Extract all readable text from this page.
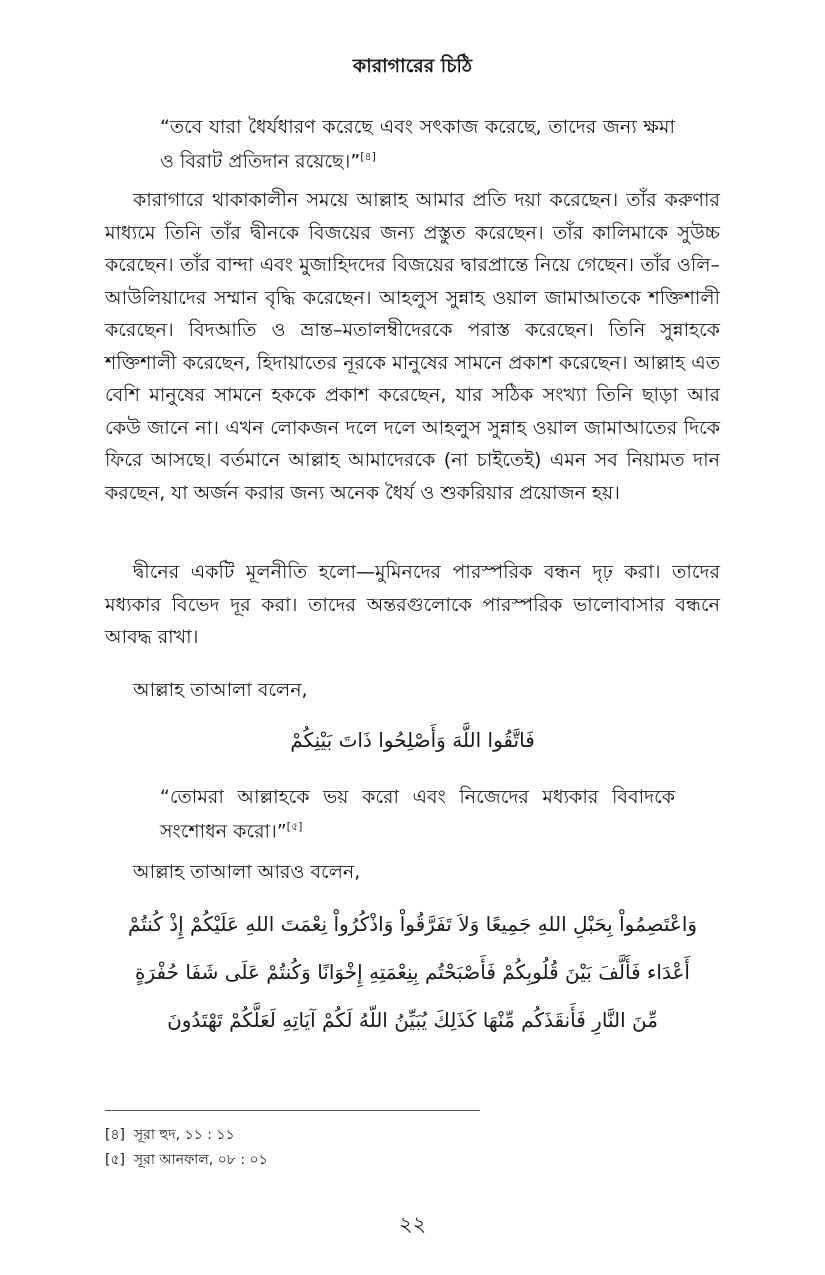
কারাগারের চিঠি

“তবে যারা ধৈর্যধারণ করেছে এবং সৎকাজ করেছে, তাদের জন্য ক্ষমা ও বিরাট প্রতিদান রয়েছে।”[৪]

কারাগারে থাকাকালীন সময়ে আল্লাহ আমার প্রতি দয়া করেছেন। তাঁর করুণার মাধ্যমে তিনি তাঁর দ্বীনকে বিজয়ের জন্য প্রস্তুত করেছেন। তাঁর কালিমাকে সুউচ্চ করেছেন। তাঁর বান্দা এবং মুজাহিদদের বিজয়ের দ্বারপ্রান্তে নিয়ে গেছেন। তাঁর ওলি–আউলিয়াদের সম্মান বৃদ্ধি করেছেন। আহলুস সুন্নাহ ওয়াল জামাআতকে শক্তিশালী করেছেন। বিদআতি ও ভ্রান্ত–মতালম্বীদেরকে পরাস্ত করেছেন। তিনি সুন্নাহকে শক্তিশালী করেছেন, হিদায়াতের নূরকে মানুষের সামনে প্রকাশ করেছেন। আল্লাহ এত বেশি মানুষের সামনে হককে প্রকাশ করেছেন, যার সঠিক সংখ্যা তিনি ছাড়া আর কেউ জানে না। এখন লোকজন দলে দলে আহলুস সুন্নাহ ওয়াল জামাআতের দিকে ফিরে আসছে। বর্তমানে আল্লাহ আমাদেরকে (না চাইতেই) এমন সব নিয়ামত দান করছেন, যা অর্জন করার জন্য অনেক ধৈর্য ও শুকরিয়ার প্রয়োজন হয়।

দ্বীনের একটি মূলনীতি হলো—মুমিনদের পারস্পরিক বন্ধন দৃঢ় করা। তাদের মধ্যকার বিভেদ দূর করা। তাদের অন্তরগুলোকে পারস্পরিক ভালোবাসার বন্ধনে আবদ্ধ রাখা।

আল্লাহ তাআলা বলেন,

فَاتَّقُوا اللَّهَ وَأَصْلِحُوا ذَاتَ بَيْنِكُمْ

“তোমরা আল্লাহকে ভয় করো এবং নিজেদের মধ্যকার বিবাদকে সংশোধন করো।”[৫]

আল্লাহ তাআলা আরও বলেন,

وَاعْتَصِمُواْ بِحَبْلِ اللهِ جَمِيعًا وَلاَ تَفَرَّقُواْ وَاذْكُرُواْ نِعْمَتَ اللهِ عَلَيْكُمْ إِذْ كُنتُمْ أَعْدَاء فَأَلَّفَ بَيْنَ قُلُوبِكُمْ فَأَصْبَحْتُم بِنِعْمَتِهِ إِخْوَانًا وَكُنتُمْ عَلَى شَفَا حُفْرَةٍ مِّنَ النَّارِ فَأَنقَذَكُم مِّنْهَا كَذَلِكَ يُبَيِّنُ اللّهُ لَكُمْ آيَاتِهِ لَعَلَّكُمْ تَهْتَدُونَ

[৪] সূরা হুদ, ১১ : ১১

[৫] সূরা আনফাল, ০৮ : ০১

২২
